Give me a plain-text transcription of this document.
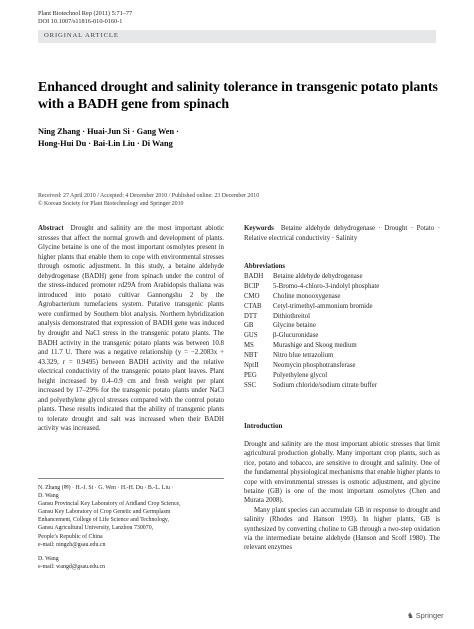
Plant Biotechnol Rep (2011) 5:71–77
DOI 10.1007/s11816-010-0160-1
ORIGINAL ARTICLE
Enhanced drought and salinity tolerance in transgenic potato plants with a BADH gene from spinach
Ning Zhang · Huai-Jun Si · Gang Wen ·
Hong-Hui Du · Bai-Lin Liu · Di Wang
Received: 27 April 2010 / Accepted: 4 December 2010 / Published online: 23 December 2010
© Korean Society for Plant Biotechnology and Springer 2010
Abstract Drought and salinity are the most important abiotic stresses that affect the normal growth and development of plants. Glycine betaine is one of the most important osmolytes present in higher plants that enable them to cope with environmental stresses through osmotic adjustment. In this study, a betaine aldehyde dehydrogenase (BADH) gene from spinach under the control of the stress-induced promoter rd29A from Arabidopsis thaliana was introduced into potato cultivar Gannongshu 2 by the Agrobacterium tumefaciens system. Putative transgenic plants were confirmed by Southern blot analysis. Northern hybridization analysis demonstrated that expression of BADH gene was induced by drought and NaCl stress in the transgenic potato plants. The BADH activity in the transgenic potato plants was between 10.8 and 11.7 U. There was a negative relationship (y = −2.2083x + 43.329, r = 0.9495) between BADH activity and the relative electrical conductivity of the transgenic potato plant leaves. Plant height increased by 0.4–0.9 cm and fresh weight per plant increased by 17–29% for the transgenic potato plants under NaCl and polyethylene glycol stresses compared with the control potato plants. These results indicated that the ability of transgenic plants to tolerate drought and salt was increased when their BADH activity was increased.
Keywords Betaine aldehyde dehydrogenase · Drought · Potato · Relative electrical conductivity · Salinity
Abbreviations
BADH	Betaine aldehyde dehydrogenase
BCIP	5-Bromo-4-chloro-3-indolyl phosphate
CMO	Choline monooxygenase
CTAB	Cetyl-trimethyl-ammonium bromide
DTT	Dithiothreitol
GB	Glycine betaine
GUS	β-Glucuronidase
MS	Murashige and Skoog medium
NBT	Nitro blue tetrazolium
NptII	Neomycin phosphotransferase
PEG	Polyethylene glycol
SSC	Sodium chloride/sodium citrate buffer
Introduction

Drought and salinity are the most important abiotic stresses that limit agricultural production globally. Many important crop plants, such as rice, potato and tobacco, are sensitive to drought and salinity. One of the fundamental physiological mechanisms that enable higher plants to cope with environmental stresses is osmotic adjustment, and glycine betaine (GB) is one of the most important osmolytes (Chen and Murata 2008).

Many plant species can accumulate GB in response to drought and salinity (Rhodes and Hanson 1993). In higher plants, GB is synthesized by converting choline to GB through a two-step oxidation via the intermediate betaine aldehyde (Hanson and Scoff 1980). The relevant enzymes

N. Zhang (✉) · H.-J. Si · G. Wen · H.-H. Du · B.-L. Liu ·
D. Wang
Gansu Provincial Key Laboratory of Aridland Crop Science,
Gansu Key Laboratory of Crop Genetic and Germplasm
Enhancement, College of Life Science and Technology,
Gansu Agricultural University, Lanzhou 730070,
People’s Republic of China
e-mail: ningzh@gsau.edu.cn
D. Wang
e-mail: wangd@gsau.edu.cn
♞ Springer
